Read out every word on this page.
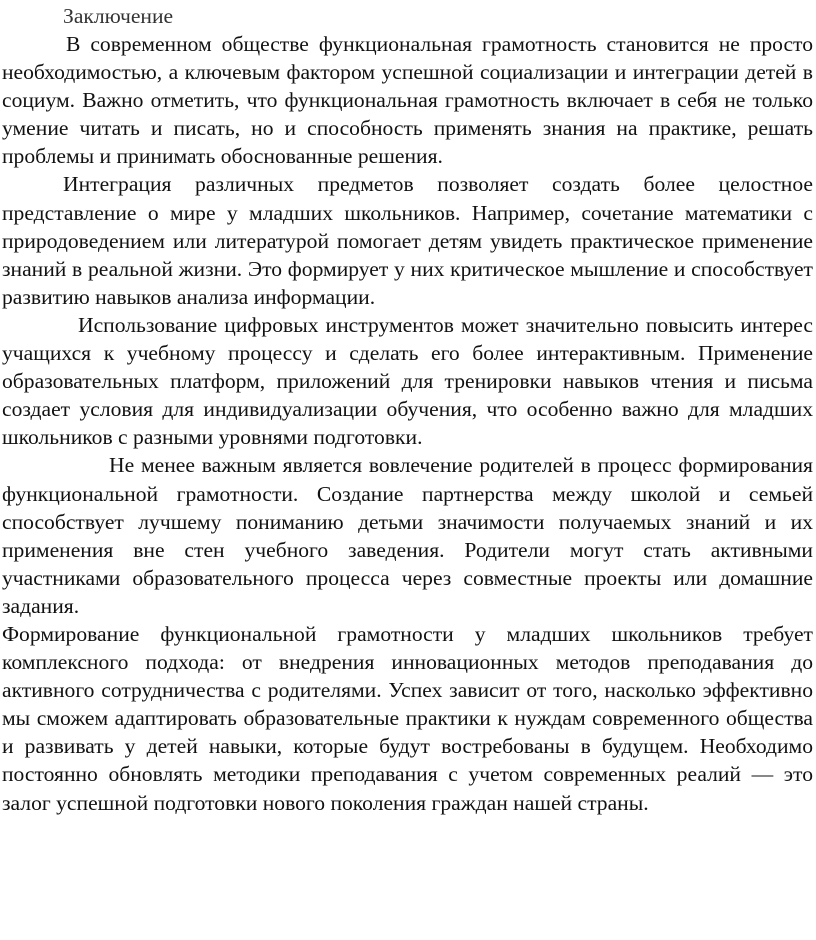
Заключение

В современном обществе функциональная грамотность становится не просто необходимостью, а ключевым фактором успешной социализации и интеграции детей в социум. Важно отметить, что функциональная грамотность включает в себя не только умение читать и писать, но и способность применять знания на практике, решать проблемы и принимать обоснованные решения.

Интеграция различных предметов позволяет создать более целостное представление о мире у младших школьников. Например, сочетание математики с природоведением или литературой помогает детям увидеть практическое применение знаний в реальной жизни. Это формирует у них критическое мышление и способствует развитию навыков анализа информации.

Использование цифровых инструментов может значительно повысить интерес учащихся к учебному процессу и сделать его более интерактивным. Применение образовательных платформ, приложений для тренировки навыков чтения и письма создает условия для индивидуализации обучения, что особенно важно для младших школьников с разными уровнями подготовки.

Не менее важным является вовлечение родителей в процесс формирования функциональной грамотности. Создание партнерства между школой и семьей способствует лучшему пониманию детьми значимости получаемых знаний и их применения вне стен учебного заведения. Родители могут стать активными участниками образовательного процесса через совместные проекты или домашние задания.

Формирование функциональной грамотности у младших школьников требует комплексного подхода: от внедрения инновационных методов преподавания до активного сотрудничества с родителями. Успех зависит от того, насколько эффективно мы сможем адаптировать образовательные практики к нуждам современного общества и развивать у детей навыки, которые будут востребованы в будущем. Необходимо постоянно обновлять методики преподавания с учетом современных реалий — это залог успешной подготовки нового поколения граждан нашей страны.
